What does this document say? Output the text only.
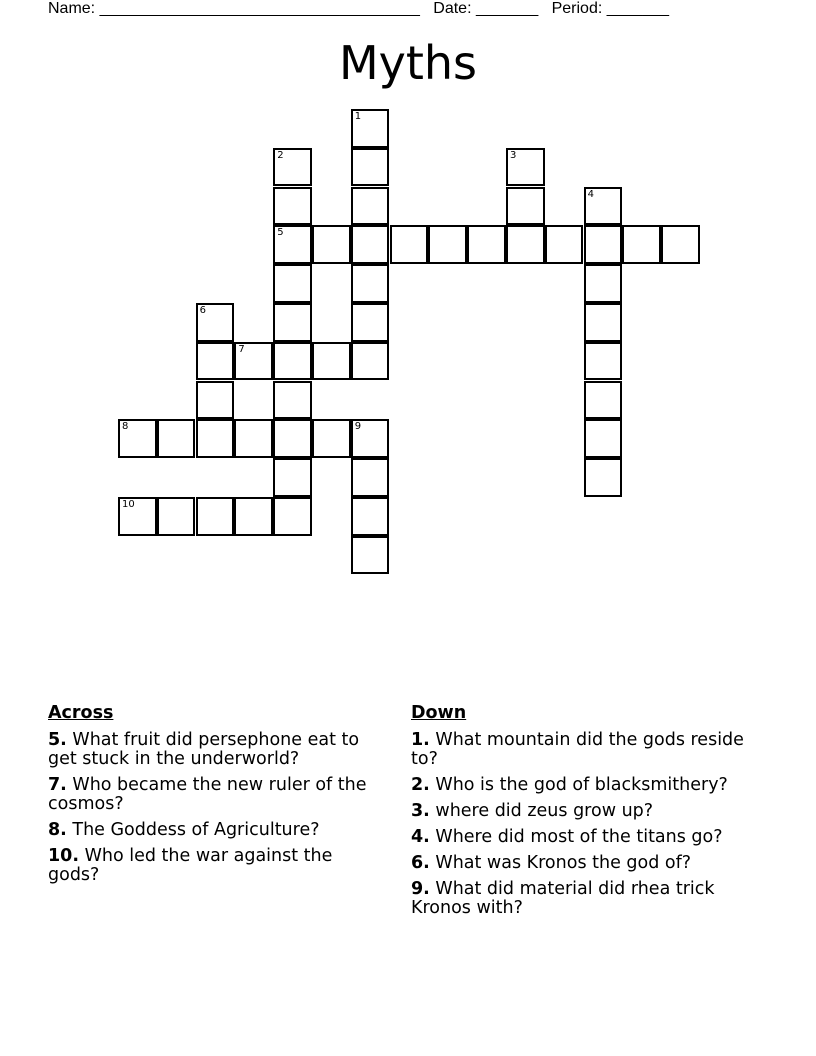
Name: ____________________________________ Date: _______ Period: _______
Myths
1
2
5
3
4
6
7
8	9
10
Across
5. What fruit did persephone eat to get stuck in the underworld?
7. Who became the new ruler of the cosmos?
8. The Goddess of Agriculture?
10. Who led the war against the gods?
Down
1. What mountain did the gods reside to?
2. Who is the god of blacksmithery?
3. where did zeus grow up?
4. Where did most of the titans go?
6. What was Kronos the god of?
9. What did material did rhea trick Kronos with?
